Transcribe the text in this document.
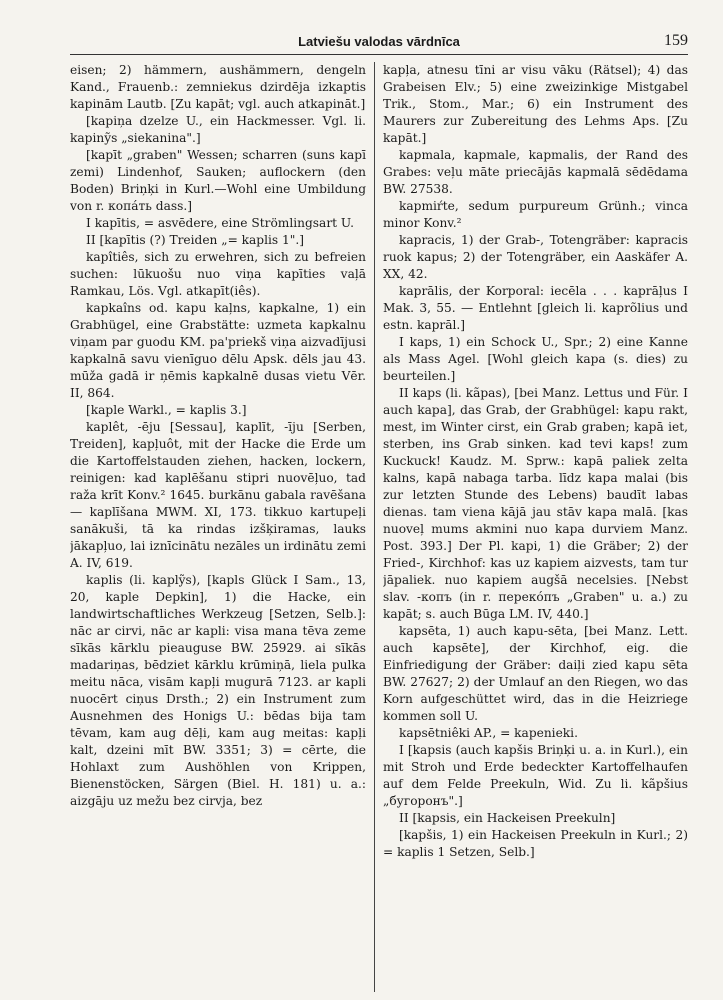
Latviešu valodas vārdnīca	159

eisen; 2) hämmern, aushämmern, dengeln Kand., Frauenb.: zemniekus dzirdēja izkaptis kapinām Lautb. [Zu kapāt; vgl. auch atkapināt.]

[kapiņa dzelze U., ein Hackmesser. Vgl. li. kapinỹs „siekanina".]

[kapīt „graben" Wessen; scharren (suns kapī zemi) Lindenhof, Sauken; auflockern (den Boden) Briņķi in Kurl.—Wohl eine Umbildung von r. копáть dass.]

I kapītis, = asvēdere, eine Strömlingsart U.

II [kapītis (?) Treiden „= kaplis 1".]

kapîtiês, sich zu erwehren, sich zu befreien suchen: lūkuošu nuo viņa kapīties vaļā Ramkau, Lös. Vgl. atkapīt(iês).

kapkaîns od. kapu kaļns, kapkalne, 1) ein Grabhügel, eine Grabstätte: uzmeta kapkalnu viņam par guodu KM. pa'priekš viņa aizvadījusi kapkalnā savu vienīguo dēlu Apsk. dēls jau 43. mūža gadā ir ņēmis kapkalnē dusas vietu Vēr. II, 864.

[kaple Warkl., = kaplis 3.]

kaplêt, -ēju [Sessau], kaplīt, -īju [Serben, Treiden], kapļuôt, mit der Hacke die Erde um die Kartoffelstauden ziehen, hacken, lockern, reinigen: kad kaplēšanu stipri nuovēļuo, tad raža krīt Konv.² 1645. burkānu gabala ravēšana — kaplīšana MWM. XI, 173. tikkuo kartupeļi sanākuši, tā ka rindas izšķiramas, lauks jākapļuo, lai iznīcinātu nezāles un irdinātu zemi A. IV, 619.

kaplis (li. kaplỹs), [kapls Glück I Sam., 13, 20, kaple Depkin], 1) die Hacke, ein landwirtschaftliches Werkzeug [Setzen, Selb.]: nāc ar cirvi, nāc ar kapli: visa mana tēva zeme sīkās kārklu pieauguse BW. 25929. ai sīkās madariņas, bēdziet kārklu krūmiņā, liela pulka meitu nāca, visām kapļi mugurā 7123. ar kapli nuocērt ciņus Drsth.; 2) ein Instrument zum Ausnehmen des Honigs U.: bēdas bija tam tēvam, kam aug dēļi, kam aug meitas: kapļi kalt, dzeini mīt BW. 3351; 3) = cērte, die Hohlaxt zum Aushöhlen von Krippen, Bienenstöcken, Särgen (Biel. H. 181) u. a.: aizgāju uz mežu bez cirvja, bez

kapļa, atnesu tīni ar visu vāku (Rätsel); 4) das Grabeisen Elv.; 5) eine zweizinkige Mistgabel Trik., Stom., Mar.; 6) ein Instrument des Maurers zur Zubereitung des Lehms Aps. [Zu kapāt.]

kapmala, kapmale, kapmalis, der Rand des Grabes: veļu māte priecājās kapmalā sēdēdama BW. 27538.

kapmiŕte, sedum purpureum Grünh.; vinca minor Konv.²

kapracis, 1) der Grab-, Totengräber: kapracis ruok kapus; 2) der Totengräber, ein Aaskäfer A. XX, 42.

kaprālis, der Korporal: iecēla . . . kaprāļus I Mak. 3, 55. — Entlehnt [gleich li. kaprõlius und estn. kaprāl.]

I kaps, 1) ein Schock U., Spr.; 2) eine Kanne als Mass Agel. [Wohl gleich kapa (s. dies) zu beurteilen.]

II kaps (li. kãpas), [bei Manz. Lettus und Für. I auch kapa], das Grab, der Grabhügel: kapu rakt, mest, im Winter cirst, ein Grab graben; kapā iet, sterben, ins Grab sinken. kad tevi kaps! zum Kuckuck! Kaudz. M. Sprw.: kapā paliek zelta kalns, kapā nabaga tarba. līdz kapa malai (bis zur letzten Stunde des Lebens) baudīt labas dienas. tam viena kājā jau stāv kapa malā. [kas nuoveļ mums akmini nuo kapa durviem Manz. Post. 393.] Der Pl. kapi, 1) die Gräber; 2) der Fried-, Kirchhof: kas uz kapiem aizvests, tam tur jāpaliek. nuo kapiem augšā necelsies. [Nebst slav. -копъ (in r. перекóпъ „Graben" u. a.) zu kapāt; s. auch Būga LM. IV, 440.]

kapsēta, 1) auch kapu-sēta, [bei Manz. Lett. auch kapsēte], der Kirchhof, eig. die Einfriedigung der Gräber: daiļi zied kapu sēta BW. 27627; 2) der Umlauf an den Riegen, wo das Korn aufgeschüttet wird, das in die Heizriege kommen soll U.

kapsētniêki AP., = kapenieki.

I [kapsis (auch kapšis Briņķi u. a. in Kurl.), ein mit Stroh und Erde bedeckter Kartoffelhaufen auf dem Felde Preekuln, Wid. Zu li. kãpšius „бугоронъ".]

II [kapsis, ein Hackeisen Preekuln]

[kapšis, 1) ein Hackeisen Preekuln in Kurl.; 2) = kaplis 1 Setzen, Selb.]
